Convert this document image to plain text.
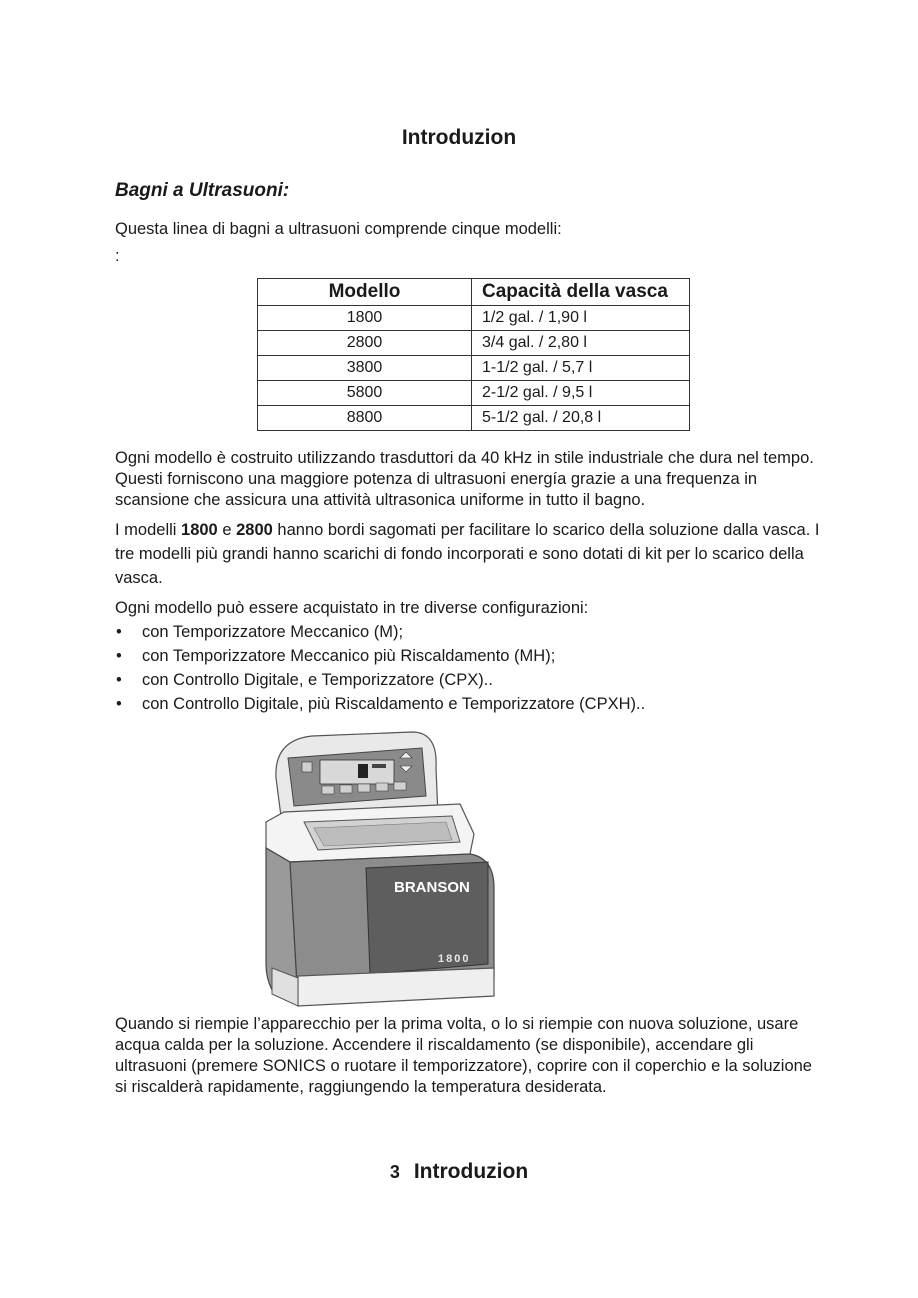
Introduzion
Bagni a Ultrasuoni:

Questa linea di bagni a ultrasuoni comprende cinque modelli:

:

Modello	Capacità della vasca
1800	1/2 gal. / 1,90 l
2800	3/4 gal. / 2,80 l
3800	1-1/2 gal. / 5,7 l
5800	2-1/2 gal. / 9,5 l
8800	5-1/2 gal. / 20,8 l

Ogni modello è costruito utilizzando trasduttori da 40 kHz in stile industriale che dura nel tempo. Questi forniscono una maggiore potenza di ultrasuoni energía grazie a una frequenza in scansione che assicura una attività ultrasonica uniforme in tutto il bagno.

I modelli 1800 e 2800 hanno bordi sagomati per facilitare lo scarico della soluzione dalla vasca. I tre modelli più grandi hanno scarichi di fondo incorporati e sono dotati di kit per lo scarico della vasca.

Ogni modello può essere acquistato in tre diverse configurazioni:

• con Temporizzatore Meccanico (M);
• con Temporizzatore Meccanico più Riscaldamento (MH);
• con Controllo Digitale, e Temporizzatore (CPX)..
• con Controllo Digitale, più Riscaldamento e Temporizzatore (CPXH)..
BRANSON
1800

Quando si riempie l’apparecchio per la prima volta, o lo si riempie con nuova soluzione, usare acqua calda per la soluzione. Accendere il riscaldamento (se disponibile), accendare gli ultrasuoni (premere SONICS o ruotare il temporizzatore), coprire con il coperchio e la soluzione si riscalderà rapidamente, raggiungendo la temperatura desiderata.

3 Introduzion
